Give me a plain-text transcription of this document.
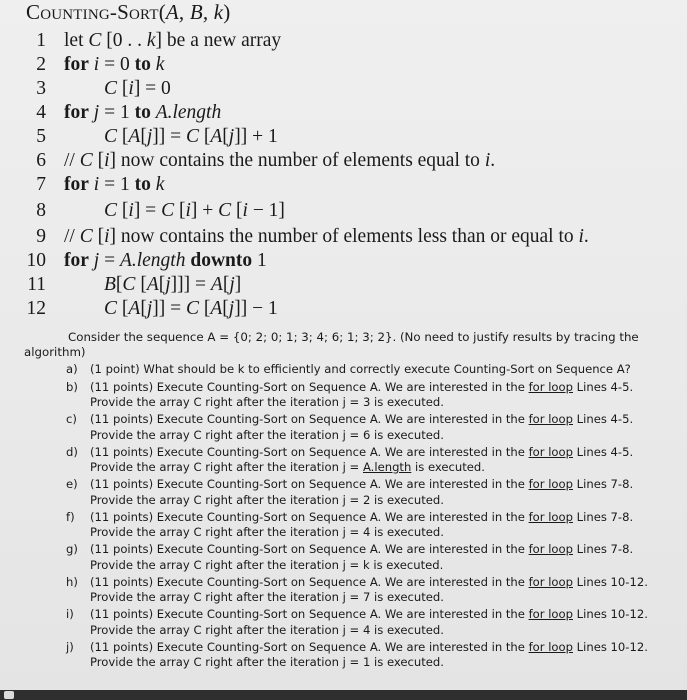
Counting-Sort(A, B, k)
1 let C [0 . . k] be a new array
2 for i = 0 to k
3	C [i] = 0
4 for j = 1 to A.length
5	C [A[j]] = C [A[j]] + 1
6 // C [i] now contains the number of elements equal to i.
7 for i = 1 to k
8	C [i] = C [i] + C [i − 1]
9 // C [i] now contains the number of elements less than or equal to i.
10 for j = A.length downto 1
11	B[C [A[j]]] = A[j]
12	C [A[j]] = C [A[j]] − 1
Consider the sequence A = {0; 2; 0; 1; 3; 4; 6; 1; 3; 2}. (No need to justify results by tracing the algorithm)
a)	(1 point) What should be k to efficiently and correctly execute Counting-Sort on Sequence A?
b)	(11 points) Execute Counting-Sort on Sequence A. We are interested in the for loop Lines 4-5.
Provide the array C right after the iteration j = 3 is executed.
c)	(11 points) Execute Counting-Sort on Sequence A. We are interested in the for loop Lines 4-5.
Provide the array C right after the iteration j = 6 is executed.
d)	(11 points) Execute Counting-Sort on Sequence A. We are interested in the for loop Lines 4-5.
Provide the array C right after the iteration j = A.length is executed.
e)	(11 points) Execute Counting-Sort on Sequence A. We are interested in the for loop Lines 7-8.
Provide the array C right after the iteration j = 2 is executed.
f)	(11 points) Execute Counting-Sort on Sequence A. We are interested in the for loop Lines 7-8.
Provide the array C right after the iteration j = 4 is executed.
g)	(11 points) Execute Counting-Sort on Sequence A. We are interested in the for loop Lines 7-8.
Provide the array C right after the iteration j = k is executed.
h)	(11 points) Execute Counting-Sort on Sequence A. We are interested in the for loop Lines 10-12.
Provide the array C right after the iteration j = 7 is executed.
i)	(11 points) Execute Counting-Sort on Sequence A. We are interested in the for loop Lines 10-12.
Provide the array C right after the iteration j = 4 is executed.
j)	(11 points) Execute Counting-Sort on Sequence A. We are interested in the for loop Lines 10-12.
Provide the array C right after the iteration j = 1 is executed.
